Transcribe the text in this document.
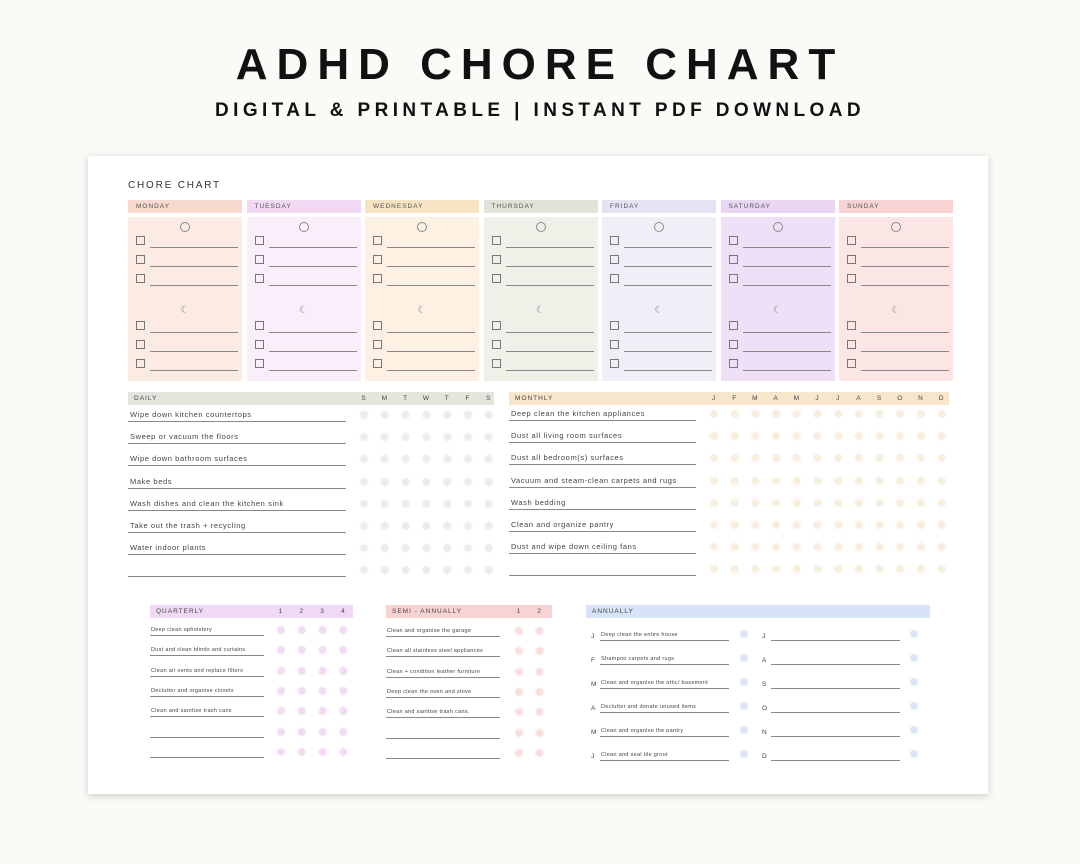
ADHD CHORE CHART
DIGITAL & PRINTABLE | INSTANT PDF DOWNLOAD
CHORE CHART
MONDAY
☾
TUESDAY
☾
WEDNESDAY
☾
THURSDAY
☾
FRIDAY
☾
SATURDAY
☾
SUNDAY
☾
DAILY	S	M	T	W	T	F	S
Wipe down kitchen countertops	✹ ✹ ✹ ✹ ✹ ✹ ✹
Sweep or vacuum the floors	✹ ✹ ✹ ✹ ✹ ✹ ✹
Wipe down bathroom surfaces	✹ ✹ ✹ ✹ ✹ ✹ ✹
Make beds	✹ ✹ ✹ ✹ ✹ ✹ ✹
Wash dishes and clean the kitchen sink	✹ ✹ ✹ ✹ ✹ ✹ ✹
Take out the trash + recycling	✹ ✹ ✹ ✹ ✹ ✹ ✹
Water indoor plants	✹ ✹ ✹ ✹ ✹ ✹ ✹
✹ ✹ ✹ ✹ ✹ ✹ ✹
MONTHLY	J	F	M	A	M	J	J	A	S	O	N	D
Deep clean the kitchen appliances	✹ ✹ ✹ ✹ ✹ ✹ ✹ ✹ ✹ ✹ ✹ ✹
Dust all living room surfaces	✹ ✹ ✹ ✹ ✹ ✹ ✹ ✹ ✹ ✹ ✹ ✹
Dust all bedroom(s) surfaces	✹ ✹ ✹ ✹ ✹ ✹ ✹ ✹ ✹ ✹ ✹ ✹
Vacuum and steam-clean carpets and rugs ✹ ✹ ✹ ✹ ✹ ✹ ✹ ✹ ✹ ✹ ✹ ✹
Wash bedding	✹ ✹ ✹ ✹ ✹ ✹ ✹ ✹ ✹ ✹ ✹ ✹
Clean and organize pantry	✹ ✹ ✹ ✹ ✹ ✹ ✹ ✹ ✹ ✹ ✹ ✹
Dust and wipe down ceiling fans	✹ ✹ ✹ ✹ ✹ ✹ ✹ ✹ ✹ ✹ ✹ ✹
✹ ✹ ✹ ✹ ✹ ✹ ✹ ✹ ✹ ✹ ✹ ✹
QUARTERLY	1	2	3	4
Deep clean upholstery	✹ ✹ ✹ ✹
Dust and clean blinds and curtains ✹ ✹ ✹ ✹
Clean air vents and replace filters ✹ ✹ ✹ ✹
Declutter and organise closets	✹ ✹ ✹ ✹
Clean and sanitize trash cans	✹ ✹ ✹ ✹
✹ ✹ ✹ ✹
✹ ✹ ✹ ✹
SEMI - ANNUALLY	1	2
Clean and organise the garage	✹ ✹
Clean all stainless steel appliances ✹ ✹
Clean + condition leather furniture ✹ ✹
Deep clean the oven and stove	✹ ✹
Clean and sanitise trash cans.	✹ ✹
✹ ✹
✹ ✹
ANNUALLY
J Deep clean the entire house	✹
F Shampoo carpets and rugs	✹
M Clean and organise the attic/ basement ✹
A Declutter and donate unused items	✹
M Clean and organise the pantry	✹
J Clean and seal tile grout	✹
J	✹
A	✹
S	✹
O	✹
N	✹
D	✹
